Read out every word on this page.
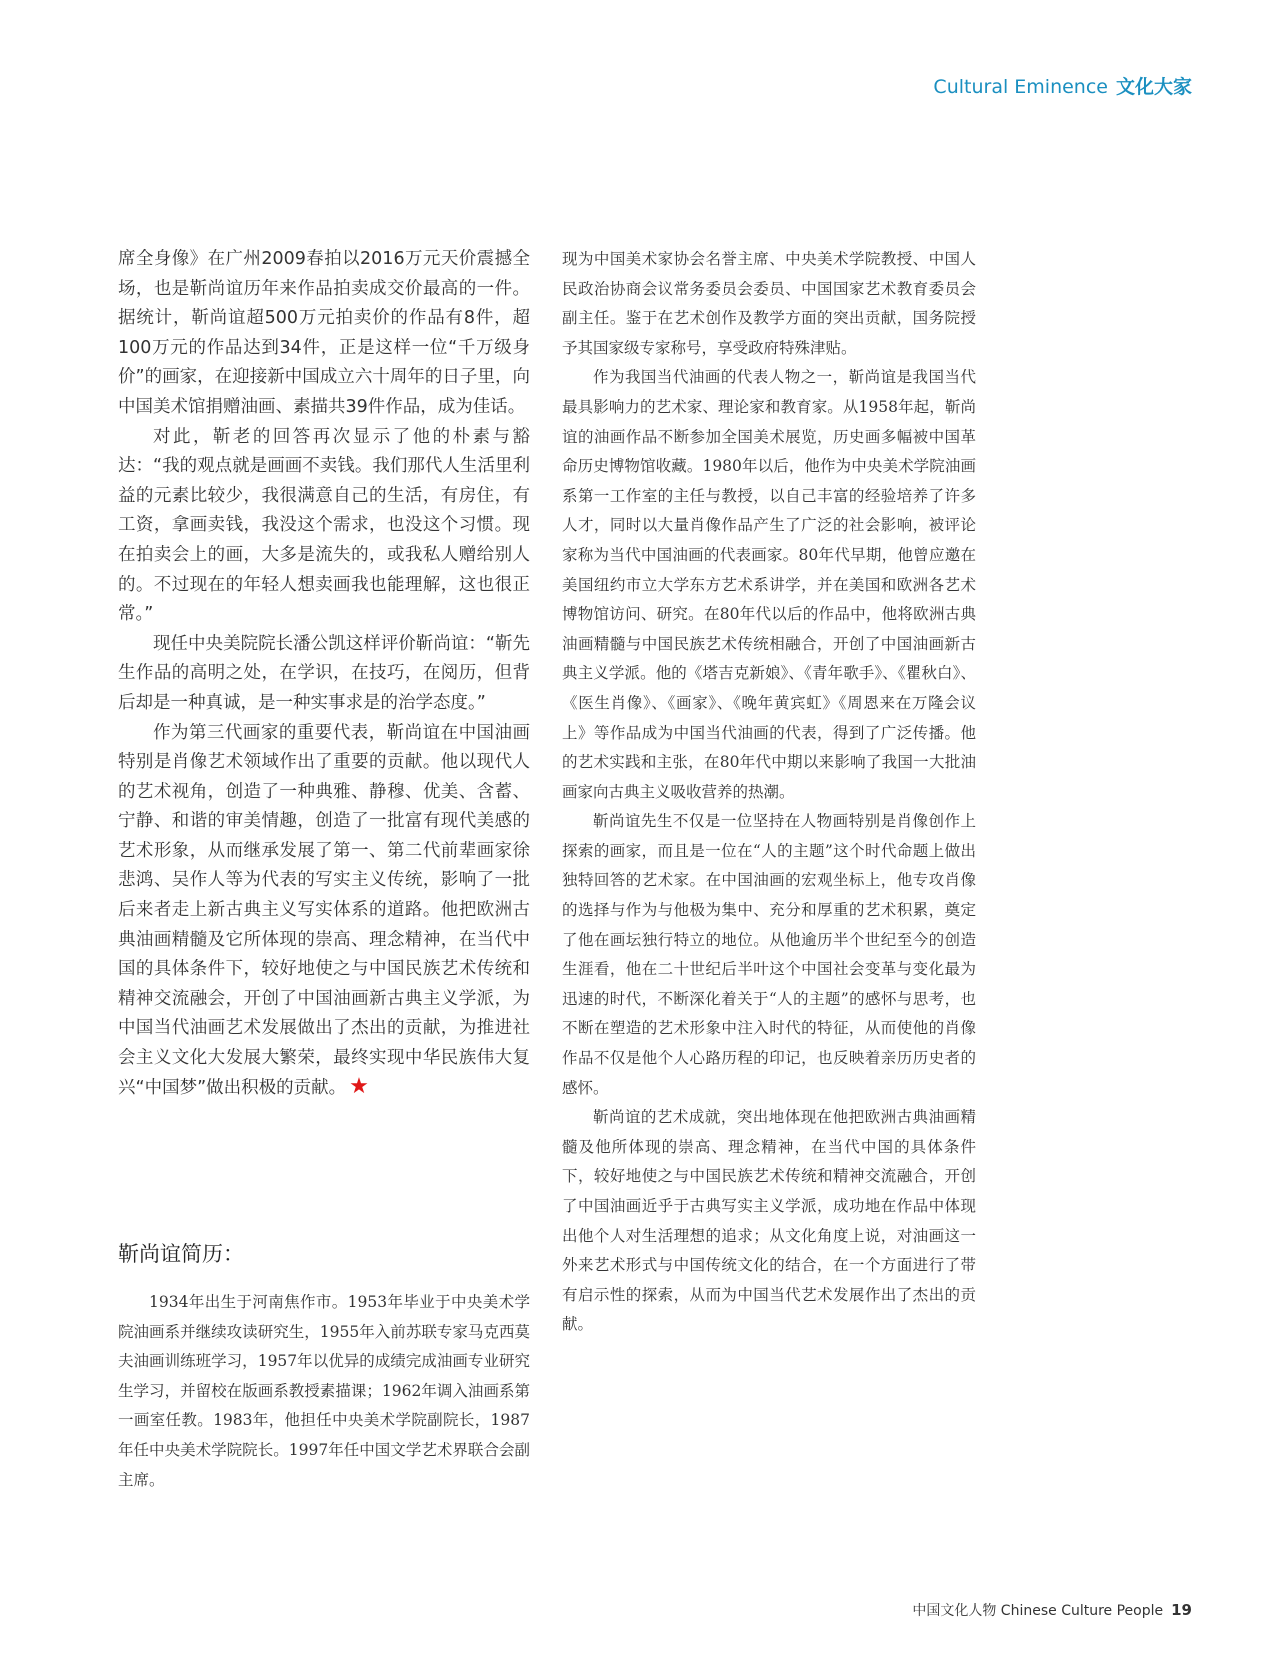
Cultural Eminence 文化大家

席全身像》在广州2009春拍以2016万元天价震撼全场，也是靳尚谊历年来作品拍卖成交价最高的一件。据统计，靳尚谊超500万元拍卖价的作品有8件，超100万元的作品达到34件，正是这样一位“千万级身价”的画家，在迎接新中国成立六十周年的日子里，向中国美术馆捐赠油画、素描共39件作品，成为佳话。

对此，靳老的回答再次显示了他的朴素与豁达：“我的观点就是画画不卖钱。我们那代人生活里利益的元素比较少，我很满意自己的生活，有房住，有工资，拿画卖钱，我没这个需求，也没这个习惯。现在拍卖会上的画，大多是流失的，或我私人赠给别人的。不过现在的年轻人想卖画我也能理解，这也很正常。”

现任中央美院院长潘公凯这样评价靳尚谊：“靳先生作品的高明之处，在学识，在技巧，在阅历，但背后却是一种真诚，是一种实事求是的治学态度。”

作为第三代画家的重要代表，靳尚谊在中国油画特别是肖像艺术领域作出了重要的贡献。他以现代人的艺术视角，创造了一种典雅、静穆、优美、含蓄、宁静、和谐的审美情趣，创造了一批富有现代美感的艺术形象，从而继承发展了第一、第二代前辈画家徐悲鸿、吴作人等为代表的写实主义传统，影响了一批后来者走上新古典主义写实体系的道路。他把欧洲古典油画精髓及它所体现的崇高、理念精神，在当代中国的具体条件下，较好地使之与中国民族艺术传统和精神交流融会，开创了中国油画新古典主义学派，为中国当代油画艺术发展做出了杰出的贡献，为推进社会主义文化大发展大繁荣，最终实现中华民族伟大复兴“中国梦”做出积极的贡献。 ★

靳尚谊简历：

1934年出生于河南焦作市。1953年毕业于中央美术学院油画系并继续攻读研究生，1955年入前苏联专家马克西莫夫油画训练班学习，1957年以优异的成绩完成油画专业研究生学习，并留校在版画系教授素描课；1962年调入油画系第一画室任教。1983年，他担任中央美术学院副院长，1987年任中央美术学院院长。1997年任中国文学艺术界联合会副主席。

现为中国美术家协会名誉主席、中央美术学院教授、中国人民政治协商会议常务委员会委员、中国国家艺术教育委员会副主任。鉴于在艺术创作及教学方面的突出贡献，国务院授予其国家级专家称号，享受政府特殊津贴。

作为我国当代油画的代表人物之一，靳尚谊是我国当代最具影响力的艺术家、理论家和教育家。从1958年起，靳尚谊的油画作品不断参加全国美术展览，历史画多幅被中国革命历史博物馆收藏。1980年以后，他作为中央美术学院油画系第一工作室的主任与教授，以自己丰富的经验培养了许多人才，同时以大量肖像作品产生了广泛的社会影响，被评论家称为当代中国油画的代表画家。80年代早期，他曾应邀在美国纽约市立大学东方艺术系讲学，并在美国和欧洲各艺术博物馆访问、研究。在80年代以后的作品中，他将欧洲古典油画精髓与中国民族艺术传统相融合，开创了中国油画新古典主义学派。他的《塔吉克新娘》、《青年歌手》、《瞿秋白》、《医生肖像》、《画家》、《晚年黄宾虹》《周恩来在万隆会议上》等作品成为中国当代油画的代表，得到了广泛传播。他的艺术实践和主张，在80年代中期以来影响了我国一大批油画家向古典主义吸收营养的热潮。

靳尚谊先生不仅是一位坚持在人物画特别是肖像创作上探索的画家，而且是一位在“人的主题”这个时代命题上做出独特回答的艺术家。在中国油画的宏观坐标上，他专攻肖像的选择与作为与他极为集中、充分和厚重的艺术积累，奠定了他在画坛独行特立的地位。从他逾历半个世纪至今的创造生涯看，他在二十世纪后半叶这个中国社会变革与变化最为迅速的时代，不断深化着关于“人的主题”的感怀与思考，也不断在塑造的艺术形象中注入时代的特征，从而使他的肖像作品不仅是他个人心路历程的印记，也反映着亲历历史者的感怀。

靳尚谊的艺术成就，突出地体现在他把欧洲古典油画精髓及他所体现的崇高、理念精神，在当代中国的具体条件下，较好地使之与中国民族艺术传统和精神交流融合，开创了中国油画近乎于古典写实主义学派，成功地在作品中体现出他个人对生活理想的追求；从文化角度上说，对油画这一外来艺术形式与中国传统文化的结合，在一个方面进行了带有启示性的探索，从而为中国当代艺术发展作出了杰出的贡献。

中国文化人物 Chinese Culture People 19
